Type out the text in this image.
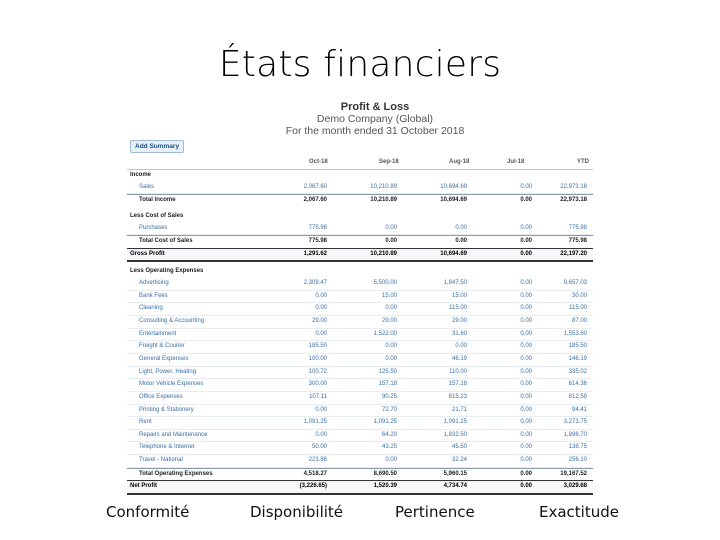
États financiers
Profit & Loss
Demo Company (Global)
For the month ended 31 October 2018
Add Summary
Oct-18	Sep-18	Aug-18	Jul-18	YTD
Income
Sales	2,067.60	10,210.89	10,694.69	0.00	22,973.18
Total Income	2,067.60	10,210.89	10,694.69	0.00	22,973.18
Less Cost of Sales
Purchases	775.98	0.00	0.00	0.00	775.98
Total Cost of Sales	775.98	0.00	0.00	0.00	775.98
Gross Profit	1,291.62	10,210.89	10,694.69	0.00	22,197.20
Less Operating Expenses
Advertising	2,309.47	5,500.00	1,847.50	0.00	9,657.03
Bank Fees	0.00	15.00	15.00	0.00	30.00
Cleaning	0.00	0.00	115.00	0.00	115.00
Consulting & Accounting	29.00	29.00	29.00	0.00	87.00
Entertainment	0.00	1,522.00	31.60	0.00	1,553.60
Freight & Courier	185.50	0.00	0.00	0.00	185.50
General Expenses	100.00	0.00	46.19	0.00	146.19
Light, Power, Heating	100.72	125.50	110.00	0.00	335.02
Motor Vehicle Expenses	300.00	157.18	157.18	0.00	614.36
Office Expenses	107.11	90.25	615.23	0.00	812.59
Printing & Stationery	0.00	72.70	21.71	0.00	94.41
Rent	1,091.25	1,091.25	1,091.25	0.00	3,273.75
Repairs and Maintenance	0.00	64.20	1,832.50	0.00	1,896.70
Telephone & Internet	50.00	43.25	45.50	0.00	138.75
Travel - National	223.86	0.00	32.24	0.00	256.10
Total Operating Expenses	4,518.27	8,690.50	5,960.15	0.00	19,167.52
Net Profit	(3,226.65)	1,520.39	4,734.74	0.00	3,029.68
Conformité	Disponibilité	Pertinence	Exactitude
